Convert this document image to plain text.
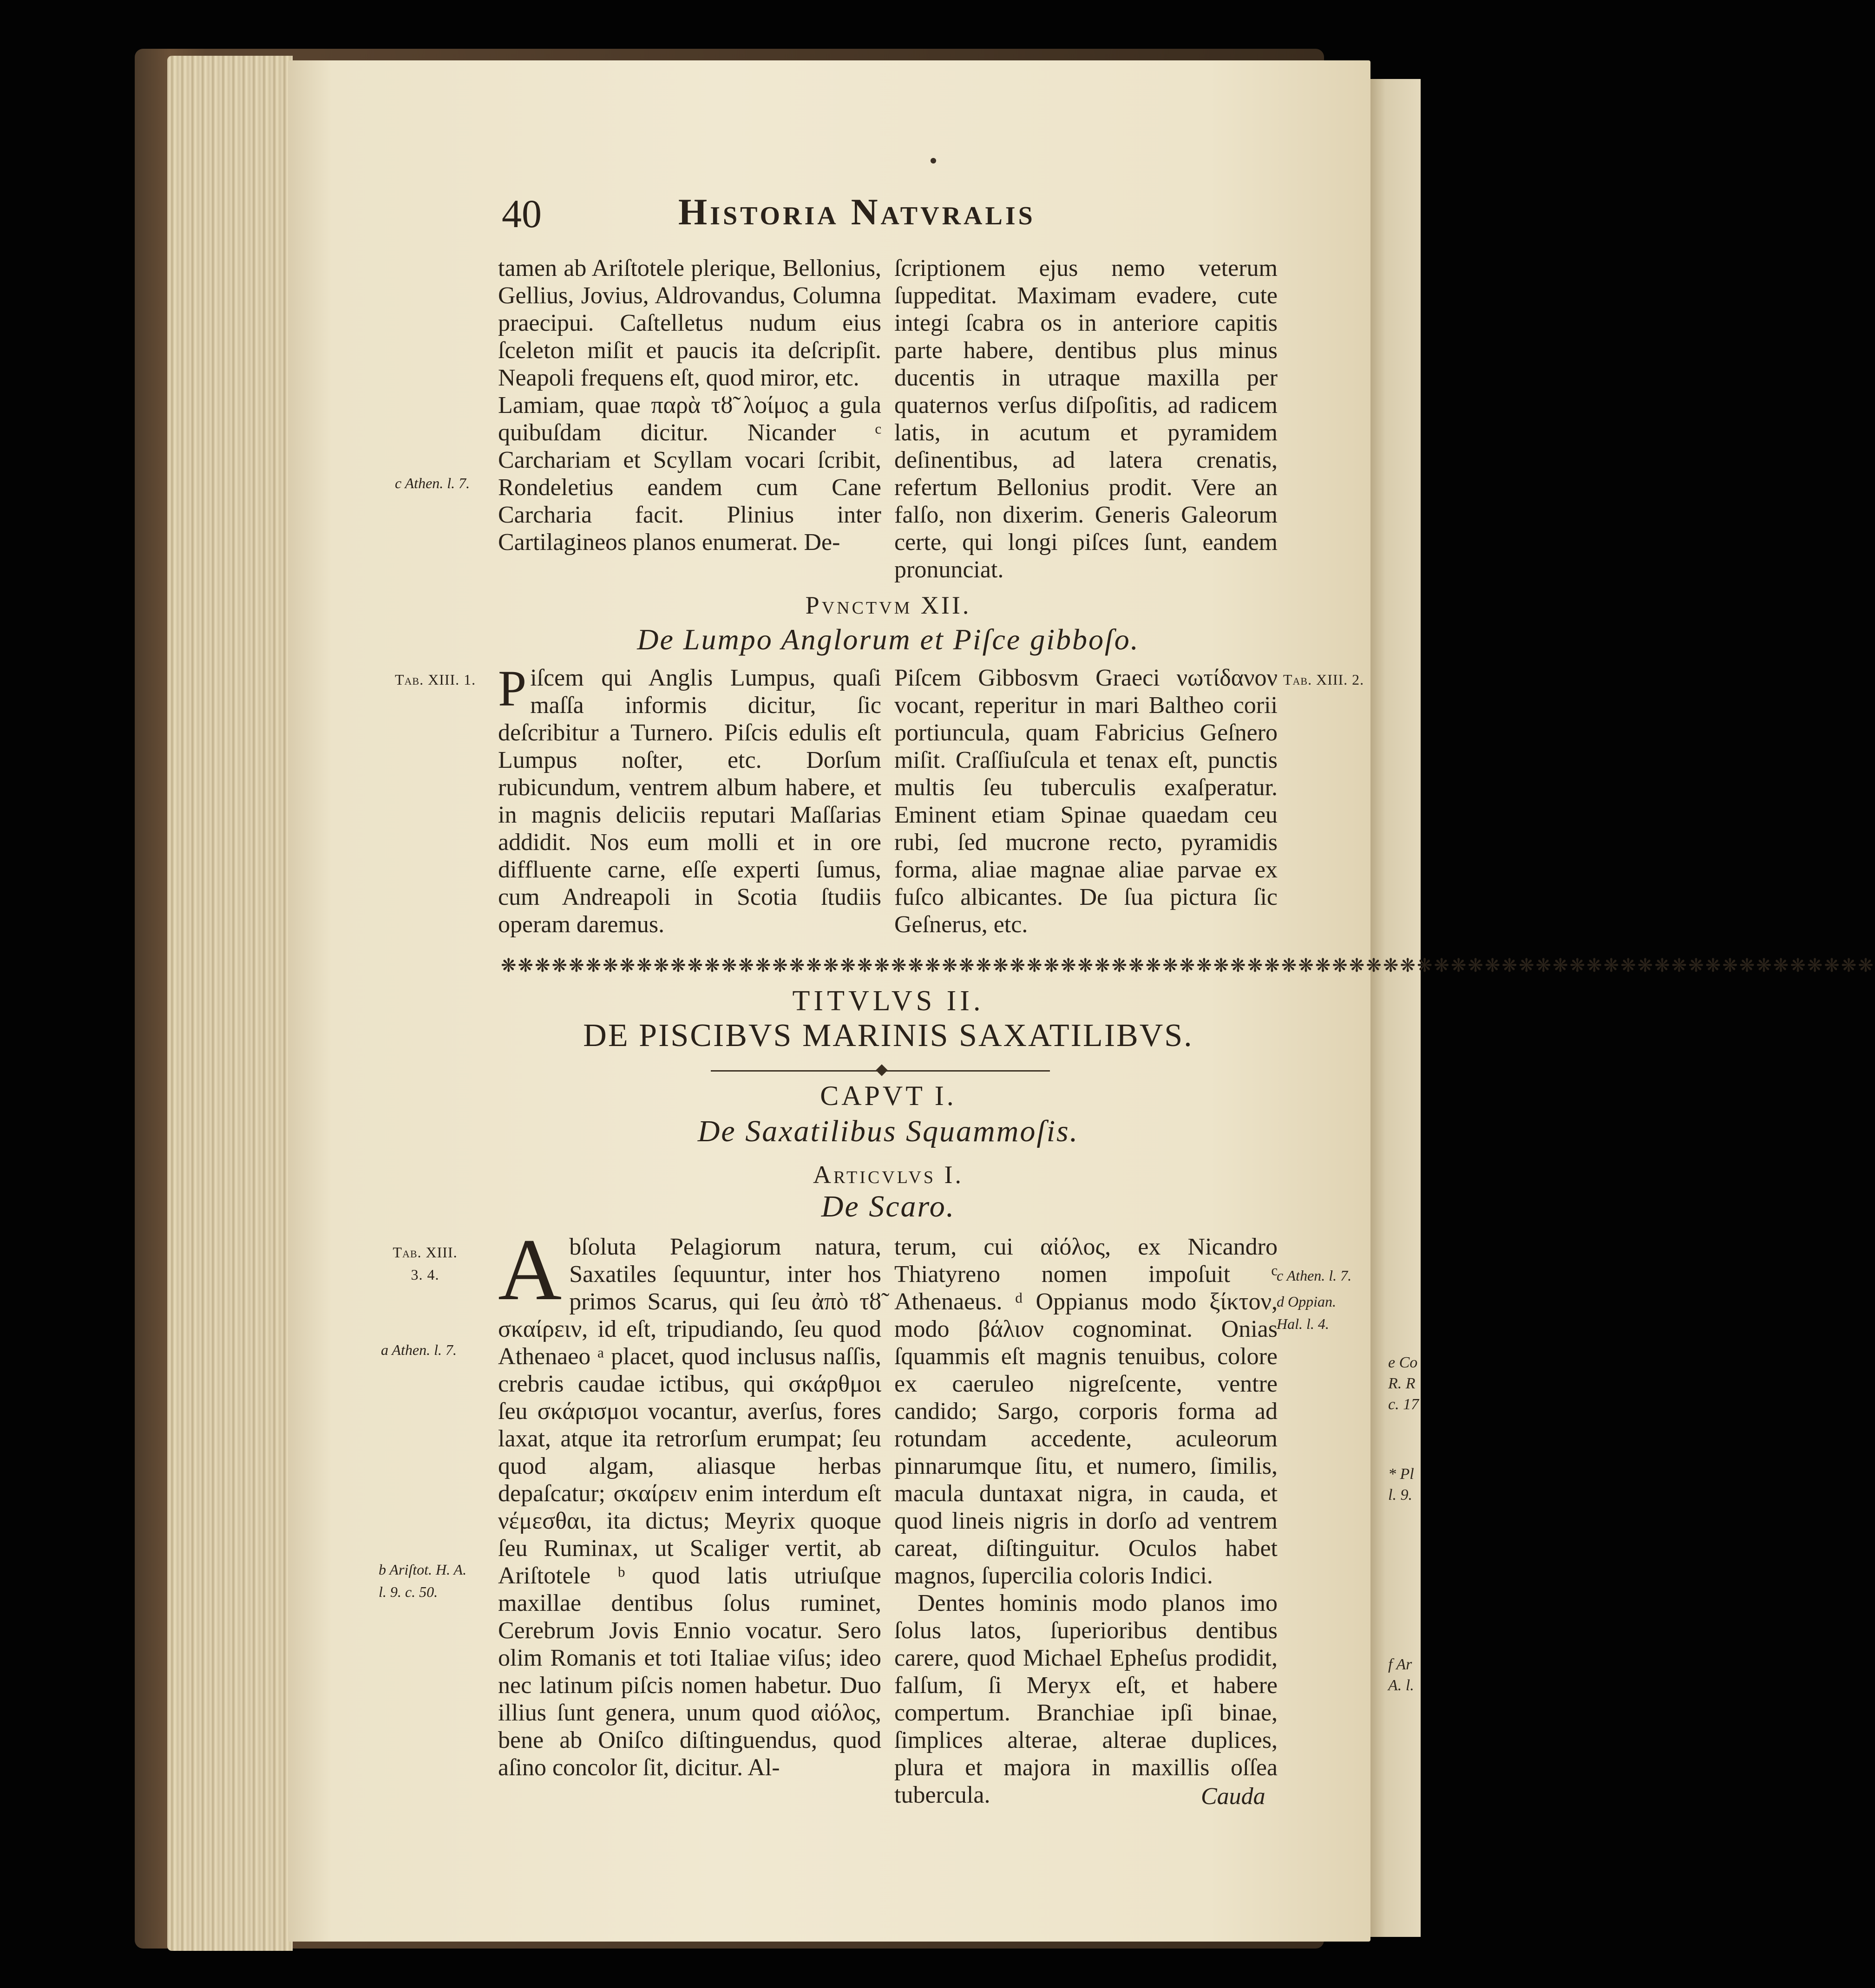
e Co
R. R
c. 17
* Pl
l. 9.
f Ar
A. l.
40	Historia Natvralis

tamen ab Ariſtotele plerique, Bellonius, Gellius, Jovius, Aldrovandus, Columna praecipui. Caſtelletus nudum eius ſceleton miſit et paucis ita deſcripſit. Neapoli frequens eſt, quod miror, etc.

Lamiam, quae παρὰ τȣ̃ λοίμος a gula quibuſdam dicitur. Nicander ᶜ Carchariam et Scyllam vocari ſcribit, Rondeletius eandem cum Cane Carcharia facit. Plinius inter Cartilagineos planos enumerat. De-

ſcriptionem ejus nemo veterum ſuppeditat. Maximam evadere, cute integi ſcabra os in anteriore capitis parte habere, dentibus plus minus ducentis in utraque maxilla per quaternos verſus diſpoſitis, ad radicem latis, in acutum et pyramidem deſinentibus, ad latera crenatis, refertum Bellonius prodit. Vere an falſo, non dixerim. Generis Galeorum certe, qui longi piſces ſunt, eandem pronunciat.

c Athen. l. 7.
Pvnctvm XII.
De Lumpo Anglorum et Piſce gibboſo.
Tab. XIII. 1.	Tab. XIII. 2.
P iſcem qui Anglis Lumpus, quaſi maſſa informis dicitur, ſic deſcribitur a Turnero. Piſcis edulis eſt Lumpus noſter, etc. Dorſum rubicundum, ventrem album habere, et in magnis deliciis reputari Maſſarias addidit. Nos eum molli et in ore diffluente carne, eſſe experti ſumus, cum Andreapoli in Scotia ſtudiis operam daremus.

Piſcem Gibbosvm Graeci νωτίδανον vocant, reperitur in mari Baltheo corii portiuncula, quam Fabricius Geſnero miſit. Craſſiuſcula et tenax eſt, punctis multis ſeu tuberculis exaſperatur. Eminent etiam Spinae quaedam ceu rubi, ſed mucrone recto, pyramidis forma, aliae magnae aliae parvae ex fuſco albicantes. De ſua pictura ſic Geſnerus, etc.

❋❋❋❋❋❋❋❋❋❋❋❋❋❋❋❋❋❋❋❋❋❋❋❋❋❋❋❋❋❋❋❋❋❋❋❋❋❋❋❋❋❋❋❋❋❋❋❋❋❋❋❋❋❋❋❋❋❋❋❋❋❋❋❋❋❋❋❋❋❋❋❋❋❋❋❋❋❋❋❋❋
TITVLVS II.
DE PISCIBVS MARINIS SAXATILIBVS.
CAPVT I.
De Saxatilibus Squammoſis.
Articvlvs I.
De Scaro.
Tab. XIII. 3. 4.
a Athen. l. 7.
b Ariſtot. H. A. l. 9. c. 50.
c Athen. l. 7.
d Oppian. Hal. l. 4.
A bſoluta Pelagiorum natura, Saxatiles ſequuntur, inter hos primos Scarus, qui ſeu ἀπὸ τȣ̃ σκαίρειν, id eſt, tripudiando, ſeu quod Athenaeo ᵃ placet, quod inclusus naſſis, crebris caudae ictibus, qui σκάρθμοι ſeu σκάρισμοι vocantur, averſus, fores laxat, atque ita retrorſum erumpat; ſeu quod algam, aliasque herbas depaſcatur; σκαίρειν enim interdum eſt νέμεσθαι, ita dictus; Meyrix quoque ſeu Ruminax, ut Scaliger vertit, ab Ariſtotele ᵇ quod latis utriuſque maxillae dentibus ſolus ruminet, Cerebrum Jovis Ennio vocatur. Sero olim Romanis et toti Italiae viſus; ideo nec latinum piſcis nomen habetur. Duo illius ſunt genera, unum quod αἰόλος, bene ab Oniſco diſtinguendus, quod aſino concolor ſit, dicitur. Al-

terum, cui αἰόλος, ex Nicandro Thiatyreno nomen impoſuit ᶜ Athenaeus. ᵈ Oppianus modo ξίκτον, modo βάλιον cognominat. Onias ſquammis eſt magnis tenuibus, colore ex caeruleo nigreſcente, ventre candido; Sargo, corporis forma ad rotundam accedente, aculeorum pinnarumque ſitu, et numero, ſimilis, macula duntaxat nigra, in cauda, et quod lineis nigris in dorſo ad ventrem careat, diſtinguitur. Oculos habet magnos, ſupercilia coloris Indici.

Dentes hominis modo planos imo ſolus latos, ſuperioribus dentibus carere, quod Michael Epheſus prodidit, falſum, ſi Meryx eſt, et habere compertum. Branchiae ipſi binae, ſimplices alterae, alterae duplices, plura et majora in maxillis oſſea tubercula.	Cauda
